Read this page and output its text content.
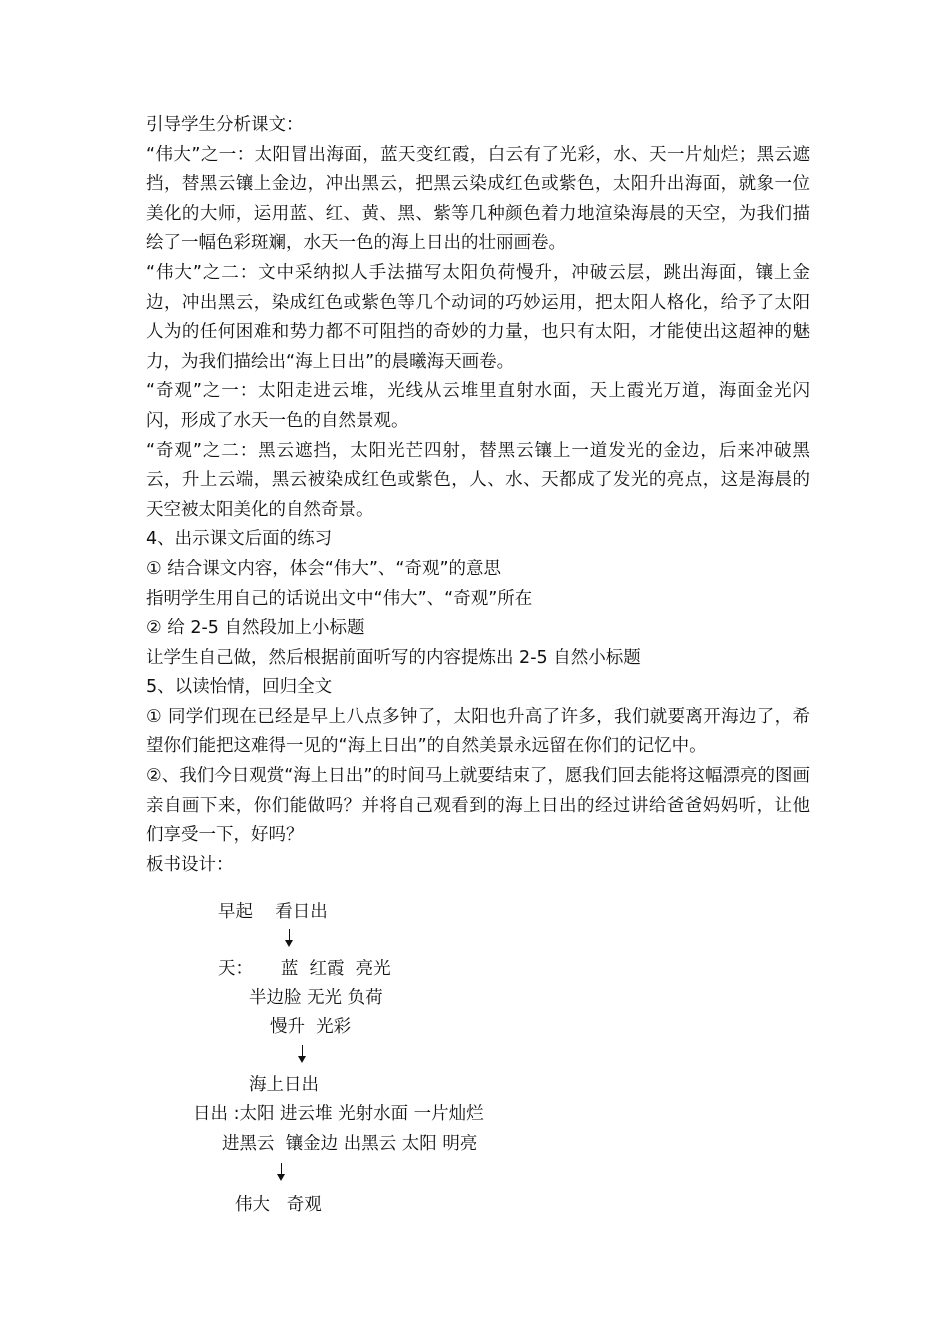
引导学生分析课文：

“伟大”之一：太阳冒出海面，蓝天变红霞，白云有了光彩，水、天一片灿烂；黑云遮挡，替黑云镶上金边，冲出黑云，把黑云染成红色或紫色，太阳升出海面，就象一位美化的大师，运用蓝、红、黄、黑、紫等几种颜色着力地渲染海晨的天空，为我们描绘了一幅色彩斑斓，水天一色的海上日出的壮丽画卷。

“伟大”之二：文中采纳拟人手法描写太阳负荷慢升，冲破云层，跳出海面，镶上金边，冲出黑云，染成红色或紫色等几个动词的巧妙运用，把太阳人格化，给予了太阳人为的任何困难和势力都不可阻挡的奇妙的力量，也只有太阳，才能使出这超神的魅力，为我们描绘出“海上日出”的晨曦海天画卷。

“奇观”之一：太阳走进云堆，光线从云堆里直射水面，天上霞光万道，海面金光闪闪，形成了水天一色的自然景观。

“奇观”之二：黑云遮挡，太阳光芒四射，替黑云镶上一道发光的金边，后来冲破黑云，升上云端，黑云被染成红色或紫色，人、水、天都成了发光的亮点，这是海晨的天空被太阳美化的自然奇景。

4、出示课文后面的练习

① 结合课文内容，体会“伟大”、“奇观”的意思

指明学生用自己的话说出文中“伟大”、“奇观”所在

② 给 2-5 自然段加上小标题

让学生自己做，然后根据前面听写的内容提炼出 2-5 自然小标题

5、以读怡情，回归全文

① 同学们现在已经是早上八点多钟了，太阳也升高了许多，我们就要离开海边了，希望你们能把这难得一见的“海上日出”的自然美景永远留在你们的记忆中。

②、我们今日观赏“海上日出”的时间马上就要结束了，愿我们回去能将这幅漂亮的图画亲自画下来，你们能做吗？并将自己观看到的海上日出的经过讲给爸爸妈妈听，让他们享受一下，好吗？

板书设计：

早起    看日出
天：     蓝  红霞  亮光
半边脸 无光 负荷
慢升  光彩
海上日出
日出 :太阳 进云堆 光射水面 一片灿烂
进黑云  镶金边 出黑云 太阳 明亮
伟大   奇观
